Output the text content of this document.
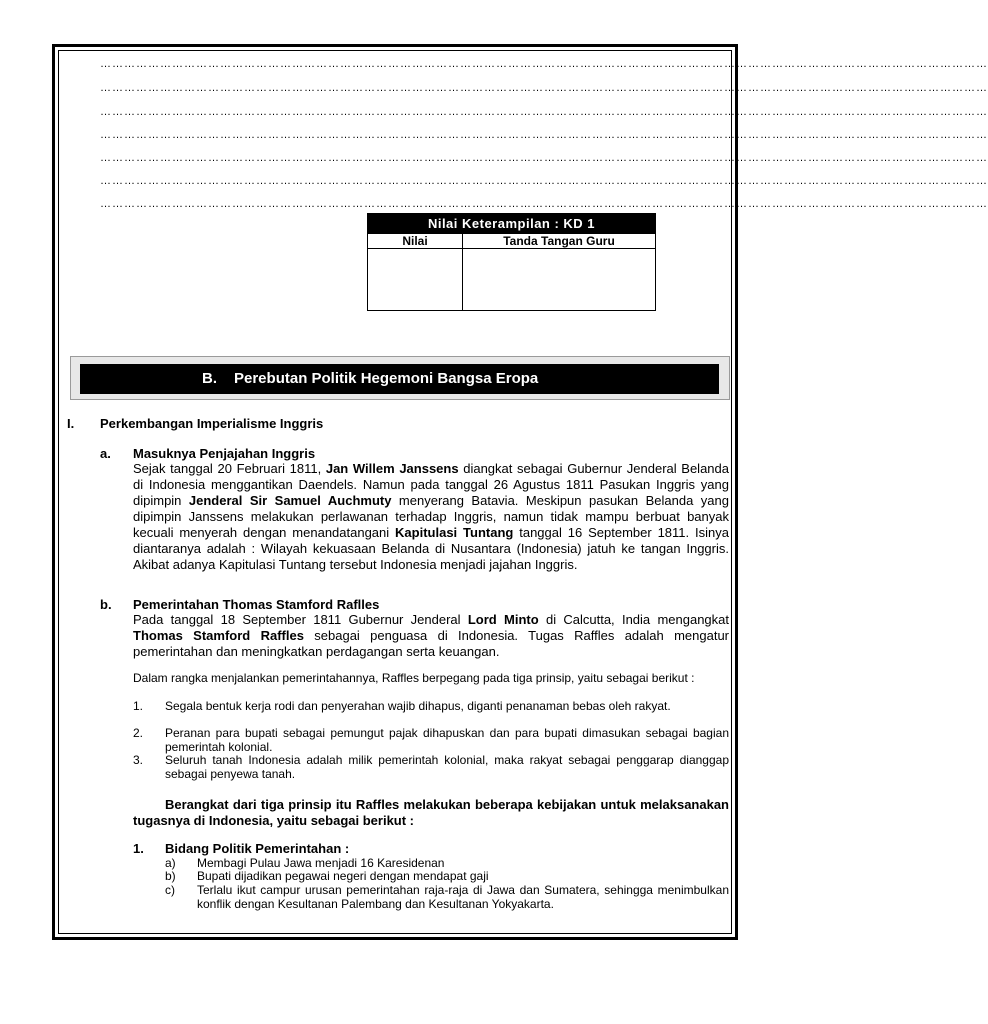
……………………………………………………………………………………………………………………………………………………………………………………………………
……………………………………………………………………………………………………………………………………………………………………………………………………
……………………………………………………………………………………………………………………………………………………………………………………………………
……………………………………………………………………………………………………………………………………………………………………………………………………
……………………………………………………………………………………………………………………………………………………………………………………………………
……………………………………………………………………………………………………………………………………………………………………………………………………
……………………………………………………………………………………………………………………………………………………………………………………………………
Nilai Keterampilan : KD 1
Nilai	Tanda Tangan Guru
B. Perebutan Politik Hegemoni Bangsa Eropa
I. Perkembangan Imperialisme Inggris
a. Masuknya Penjajahan Inggris
Sejak tanggal 20 Februari 1811, Jan Willem Janssens diangkat sebagai Gubernur Jenderal Belanda di Indonesia menggantikan Daendels. Namun pada tanggal 26 Agustus 1811 Pasukan Inggris yang dipimpin Jenderal Sir Samuel Auchmuty menyerang Batavia. Meskipun pasukan Belanda yang dipimpin Janssens melakukan perlawanan terhadap Inggris, namun tidak mampu berbuat banyak kecuali menyerah dengan menandatangani Kapitulasi Tuntang tanggal 16 September 1811. Isinya diantaranya adalah : Wilayah kekuasaan Belanda di Nusantara (Indonesia) jatuh ke tangan Inggris. Akibat adanya Kapitulasi Tuntang tersebut Indonesia menjadi jajahan Inggris.
b. Pemerintahan Thomas Stamford Raflles
Pada tanggal 18 September 1811 Gubernur Jenderal Lord Minto di Calcutta, India mengangkat Thomas Stamford Raffles sebagai penguasa di Indonesia. Tugas Raffles adalah mengatur pemerintahan dan meningkatkan perdagangan serta keuangan.
Dalam rangka menjalankan pemerintahannya, Raffles berpegang pada tiga prinsip, yaitu sebagai berikut :
1. Segala bentuk kerja rodi dan penyerahan wajib dihapus, diganti penanaman bebas oleh rakyat.
2. Peranan para bupati sebagai pemungut pajak dihapuskan dan para bupati dimasukan sebagai bagian pemerintah kolonial.
3. Seluruh tanah Indonesia adalah milik pemerintah kolonial, maka rakyat sebagai penggarap dianggap sebagai penyewa tanah.
Berangkat dari tiga prinsip itu Raffles melakukan beberapa kebijakan untuk melaksanakan tugasnya di Indonesia, yaitu sebagai berikut :
1. Bidang Politik Pemerintahan :
a) Membagi Pulau Jawa menjadi 16 Karesidenan
b) Bupati dijadikan pegawai negeri dengan mendapat gaji
c) Terlalu ikut campur urusan pemerintahan raja-raja di Jawa dan Sumatera, sehingga menimbulkan konflik dengan Kesultanan Palembang dan Kesultanan Yokyakarta.
